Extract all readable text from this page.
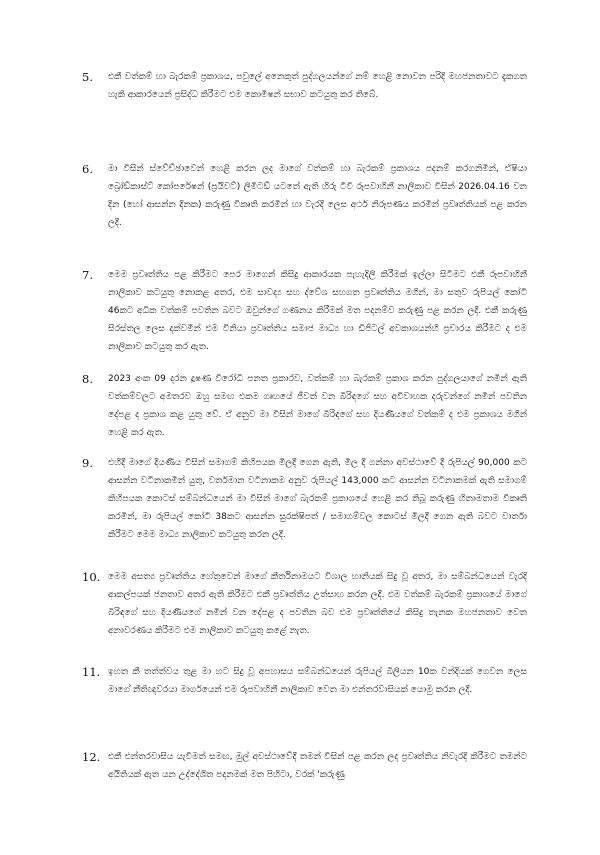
5. එකී වත්කම් හා බැරකම් ප්‍රකාශය, පවුලේ අනෙකුත් පුද්ගලයන්ගේ නම් හෙළි නොවන පරිදි මහජනතාවට දැකගත හැකි ආකාරයෙන් ප්‍රසිද්ධ කිරීමට එම කොමිෂන් සභාව කටයුතු කර තිබේ.
6. මා විසින් ස්වේච්ඡාවෙන් හෙළි කරන ලද මාගේ වත්කම් හා බැරකම් ප්‍රකාශය පදනම් කරගනිමින්, ඒෂියා බ්‍රෝඩ්කාස්ට් කෝපරේෂන් (ප්‍රයිවට්) ලිමිටඩ් යටතේ ඇති හිරු ටීවී රූපවාහිනී නාලිකාව විසින් 2026.04.16 වන දින (හෝ ආසන්න දිනක) කරුණු විකෘති කරමින් හා වැරදි ලෙස අර්ථ නිරූපණය කරමින් ප්‍රවෘත්තියක් පළ කරන ලදී.
7. මෙම ප්‍රවෘත්තිය පළ කිරීමට පෙර මාගෙන් කිසිදු ආකාරයක පැහැදිලි කිරීමක් ඉල්ලා සිටීමට එකී රූපවාහිනී නාලිකාව කටයුතු නොකළ අතර, එම සාවද්‍ය සහ ද්වේශ සහගත ප්‍රවෘත්තිය මගින්, මා සතුව රුපියල් කෝටි 46කට අධික වත්කම් පවතින බවට ඔවුන්ගේ ගණනය කිරීමක් මත පදනම්ව කරුණු පළ කරන ලදී. එකී කරුණු සිරස්තල ලෙස දක්වමින් එම විනියා ප්‍රවෘත්තිය සමාජ මාධ්‍ය හා ඩිජිටල් අවකාශයන්හි ප්‍රචාරය කිරීමට ද එම නාලිකාව කටයුතු කර ඇත.
8. 2023 අංක 09 දරන දූෂණ විරෝධී පනත ප්‍රකාරව, වත්කම් හා බැරකම් ප්‍රකාශ කරන පුද්ගලයාගේ නමින් ඇති වත්කම්වලට අමතරව ඔහු සමඟ එකම ගෘහයේ ජීවත් වන බිරිඳගේ සහ අවිවාහක දරුවන්ගේ නමින් පවතින දේපළ ද ප්‍රකාශ කළ යුතු වේ. ඒ අනුව මා විසින් මාගේ බිරිඳගේ සහ දියණියගේ වත්කම් ද එම ප්‍රකාශය මගින් හෙළි කර ඇත.
9. එහිදී මාගේ දියණිය විසින් සමාගම් කිහිපයක මිලදී ගෙන ඇති, මිල දී ගන්නා අවස්ථාවේ දී රුපියල් 90,000 කට ආසන්න වටිනාකමින් යුතු, වර්තමාන වටිනාකම අනුව රුපියල් 143,000 කට ආසන්න වටිනාකමක් ඇති සමාගම් කිහිපයක කොටස් සම්බන්ධයෙන් මා විසින් මාගේ බැරකම් ප්‍රකාශයේ හෙළි කර තිබූ කරුණු හිතාමතාම විකෘති කරමින්, මා රුපියල් කෝටි 38කට ආසන්න සුරක්ෂිපත් / සමාගම්වල කොටස් මිලදී ගෙන ඇති බවට වාර්තා කිරීමට මෙම මාධ්‍ය නාලිකාව කටයුතු කරන ලදී.
10. මෙම අසත්‍ය ප්‍රවෘත්තිය හේතුවෙන් මාගේ කීර්තිනාමයට විශාල හානියක් සිදු වූ අතර, මා සම්බන්ධයෙන් වැරදි ආකල්පයක් ජනතාව අතර ඇති කිරීමට එකී ප්‍රවෘත්තිය උත්සාහ කරන ලදී. එම වත්කම් බැරකම් ප්‍රකාශයේ මාගේ බිරිඳගේ සහ දියණියගේ නමින් වන දේපළ ද පවතින බව එම ප්‍රවෘත්තියේ කිසිදු තැනක මහජනතාව වෙත අනාවරණය කිරීමට එම නාලිකාව කටයුතු කළේ නැත.
11. ඉහත කී තත්ත්වය තුළ මා හට සිදු වූ අපහාසය සම්බන්ධයෙන් රුපියල් බිලියන 10ක වන්දියක් ගෙවන ලෙස මාගේ නීතිඥවරයා මාර්ගයෙන් එම රූපවාහිනී නාලිකාව වෙත මා එන්තරවාසියක් යොමු කරන ලදී.
12. එකී එන්තරවාසිය යැවීමත් සමඟ, මුල් අවස්ථාවේදී තමන් විසින් පළ කරන ලද ප්‍රවෘත්තිය නිවැරදි කිරීමට තමන්ට අයිතියක් ඇත යන උද්දේශිත පදනමක් මත පිහිටා, වරක් 'කරුණු
